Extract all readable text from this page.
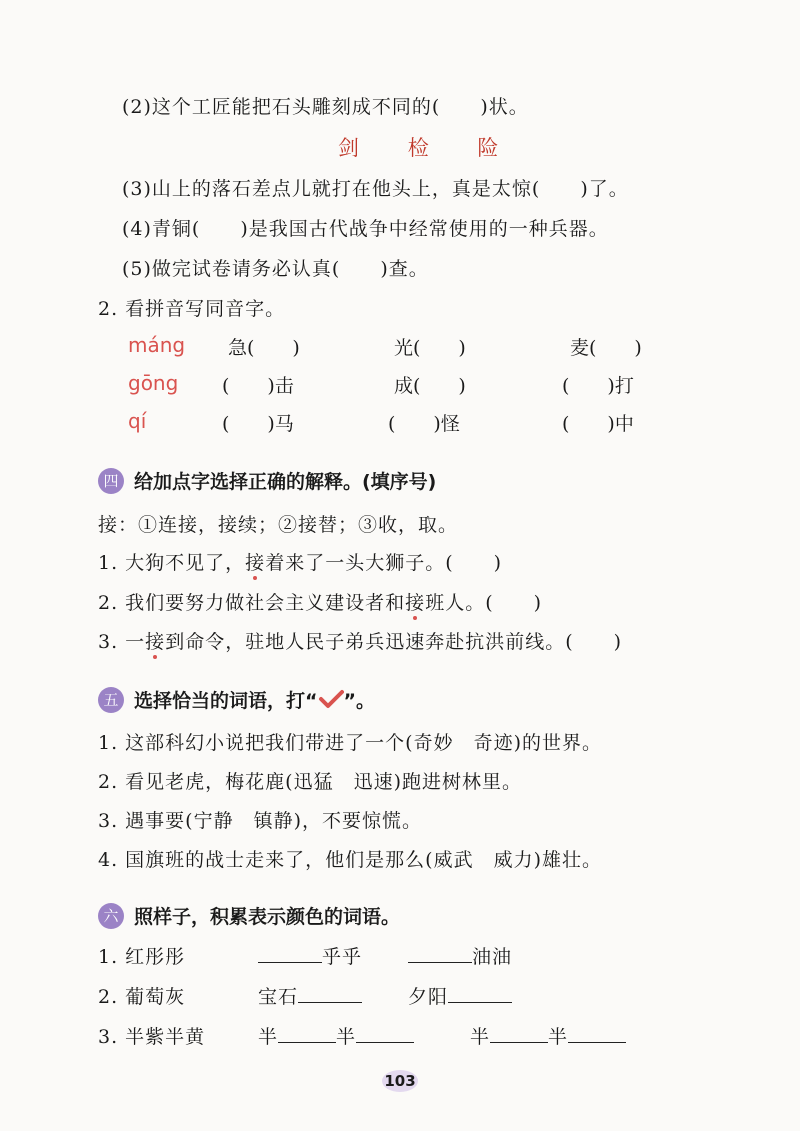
(2)这个工匠能把石头雕刻成不同的(　　)状。
剑 检 险
(3)山上的落石差点儿就打在他头上，真是太惊(　　)了。
(4)青铜(　　)是我国古代战争中经常使用的一种兵器。
(5)做完试卷请务必认真(　　)查。
2. 看拼音写同音字。
máng 急(　　)	光(　　)	麦(　　)
gōng (　　)击	成(　　)	(　　)打
qí	(　　)马	(　　)怪	(　　)中
四 给加点字选择正确的解释。(填序号)
接：①连接，接续；②接替；③收，取。
1. 大狗不见了，接着来了一头大狮子。(　　)
2. 我们要努力做社会主义建设者和接班人。(　　)
3. 一接到命令，驻地人民子弟兵迅速奔赴抗洪前线。(　　)
五 选择恰当的词语，打“ ”。
1. 这部科幻小说把我们带进了一个(奇妙　奇迹)的世界。
2. 看见老虎，梅花鹿(迅猛　迅速)跑进树林里。
3. 遇事要(宁静　镇静)，不要惊慌。
4. 国旗班的战士走来了，他们是那么(威武　威力)雄壮。
六 照样子，积累表示颜色的词语。
1. 红彤彤	乎乎	油油
2. 葡萄灰	宝石	夕阳
3. 半紫半黄	半	半	半	半
103
